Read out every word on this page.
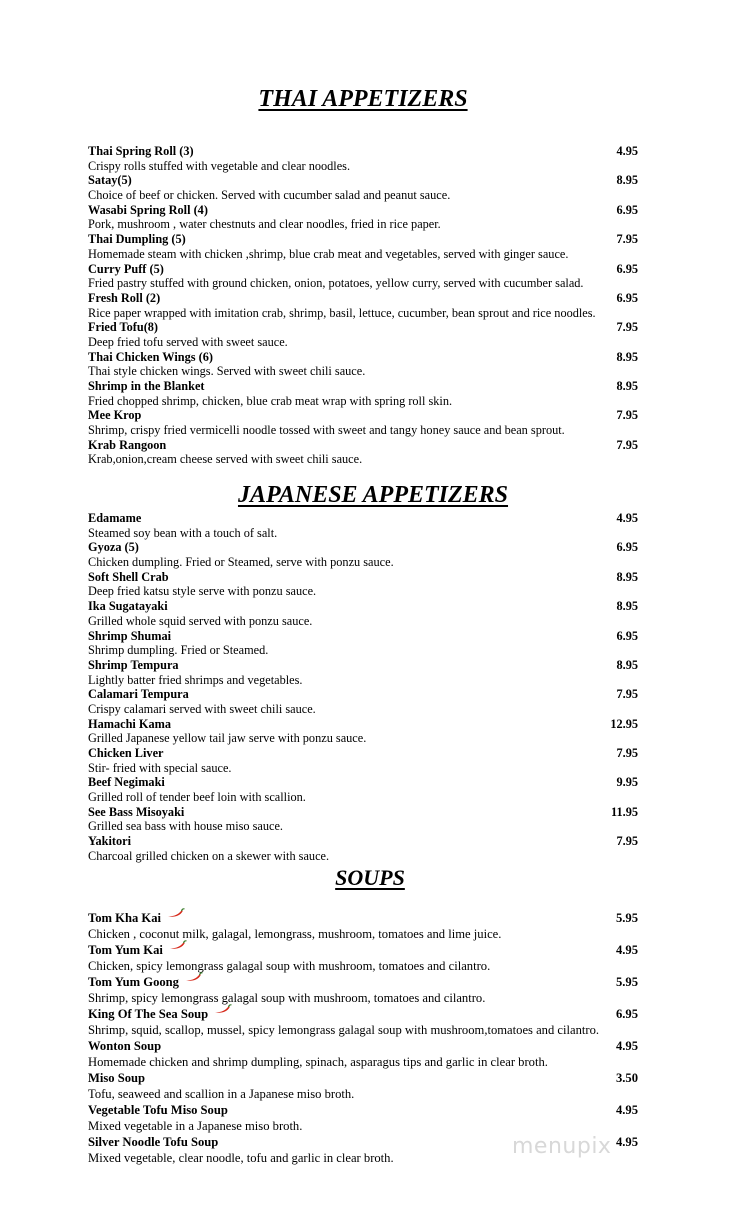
THAI APPETIZERS
Thai Spring Roll (3)	4.95
Crispy rolls stuffed with vegetable and clear noodles.
Satay(5)	8.95
Choice of beef or chicken. Served with cucumber salad and peanut sauce.
Wasabi Spring Roll (4)	6.95
Pork, mushroom , water chestnuts and clear noodles, fried in rice paper.
Thai Dumpling (5)	7.95
Homemade steam with chicken ,shrimp, blue crab meat and vegetables, served with ginger sauce.
Curry Puff (5)	6.95
Fried pastry stuffed with ground chicken, onion, potatoes, yellow curry, served with cucumber salad.
Fresh Roll (2)	6.95
Rice paper wrapped with imitation crab, shrimp, basil, lettuce, cucumber, bean sprout and rice noodles.
Fried Tofu(8)	7.95
Deep fried tofu served with sweet sauce.
Thai Chicken Wings (6)	8.95
Thai style chicken wings. Served with sweet chili sauce.
Shrimp in the Blanket	8.95
Fried chopped shrimp, chicken, blue crab meat wrap with spring roll skin.
Mee Krop	7.95
Shrimp, crispy fried vermicelli noodle tossed with sweet and tangy honey sauce and bean sprout.
Krab Rangoon	7.95
Krab,onion,cream cheese served with sweet chili sauce.
JAPANESE APPETIZERS
Edamame	4.95
Steamed soy bean with a touch of salt.
Gyoza (5)	6.95
Chicken dumpling. Fried or Steamed, serve with ponzu sauce.
Soft Shell Crab	8.95
Deep fried katsu style serve with ponzu sauce.
Ika Sugatayaki	8.95
Grilled whole squid served with ponzu sauce.
Shrimp Shumai	6.95
Shrimp dumpling. Fried or Steamed.
Shrimp Tempura	8.95
Lightly batter fried shrimps and vegetables.
Calamari Tempura	7.95
Crispy calamari served with sweet chili sauce.
Hamachi Kama	12.95
Grilled Japanese yellow tail jaw serve with ponzu sauce.
Chicken Liver	7.95
Stir- fried with special sauce.
Beef Negimaki	9.95
Grilled roll of tender beef loin with scallion.
See Bass Misoyaki	11.95
Grilled sea bass with house miso sauce.
Yakitori	7.95
Charcoal grilled chicken on a skewer with sauce.
SOUPS
Tom Kha Kai	5.95
Chicken , coconut milk, galagal, lemongrass, mushroom, tomatoes and lime juice.
Tom Yum Kai	4.95
Chicken, spicy lemongrass galagal soup with mushroom, tomatoes and cilantro.
Tom Yum Goong	5.95
Shrimp, spicy lemongrass galagal soup with mushroom, tomatoes and cilantro.
King Of The Sea Soup	6.95
Shrimp, squid, scallop, mussel, spicy lemongrass galagal soup with mushroom,tomatoes and cilantro.
Wonton Soup	4.95
Homemade chicken and shrimp dumpling, spinach, asparagus tips and garlic in clear broth.
Miso Soup	3.50
Tofu, seaweed and scallion in a Japanese miso broth.
Vegetable Tofu Miso Soup	4.95
Mixed vegetable in a Japanese miso broth.
Silver Noodle Tofu Soup	4.95
Mixed vegetable, clear noodle, tofu and garlic in clear broth.	menupix
